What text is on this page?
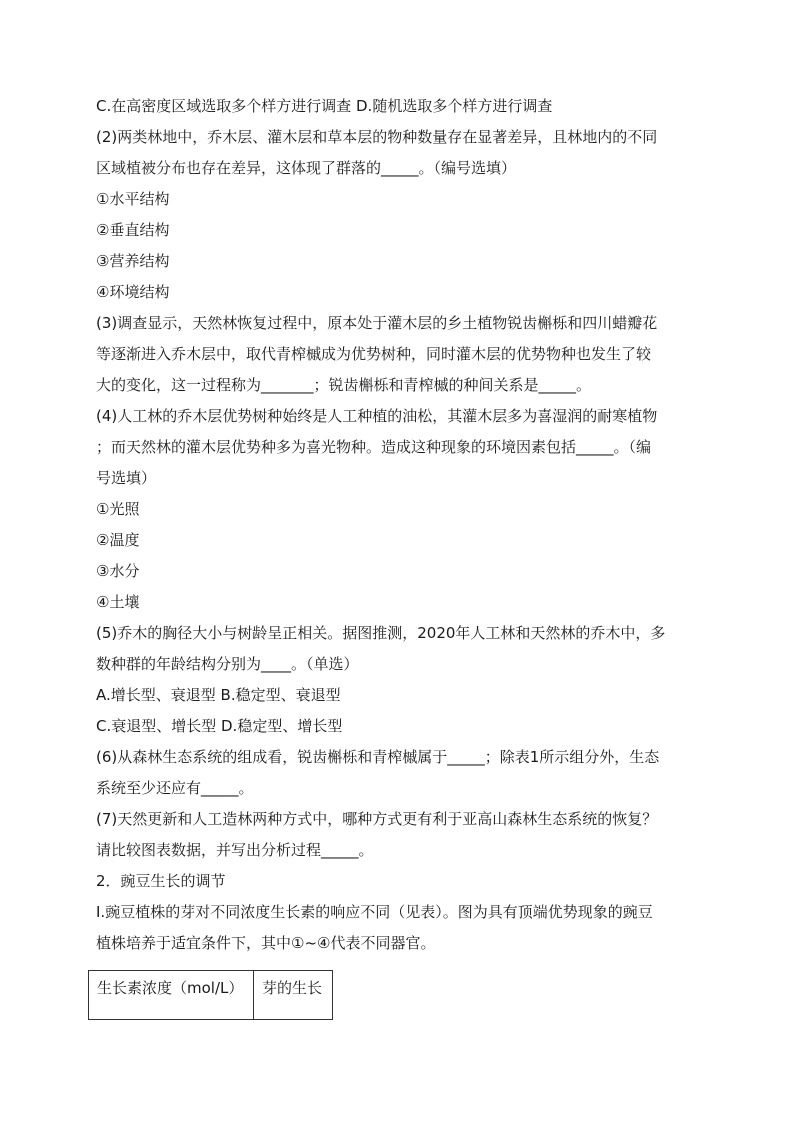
C.在高密度区域选取多个样方进行调查 D.随机选取多个样方进行调查
(2)两类林地中，乔木层、灌木层和草本层的物种数量存在显著差异，且林地内的不同
区域植被分布也存在差异，这体现了群落的_____。（编号选填）
①水平结构
②垂直结构
③营养结构
④环境结构
(3)调查显示，天然林恢复过程中，原本处于灌木层的乡土植物锐齿槲栎和四川蜡瓣花
等逐渐进入乔木层中，取代青榨槭成为优势树种，同时灌木层的优势物种也发生了较
大的变化，这一过程称为_______；锐齿槲栎和青榨槭的种间关系是_____。
(4)人工林的乔木层优势树种始终是人工种植的油松，其灌木层多为喜湿润的耐寒植物
；而天然林的灌木层优势种多为喜光物种。造成这种现象的环境因素包括_____。（编
号选填）
①光照
②温度
③水分
④土壤
(5)乔木的胸径大小与树龄呈正相关。据图推测，2020年人工林和天然林的乔木中，多
数种群的年龄结构分别为____。（单选）
A.增长型、衰退型 B.稳定型、衰退型
C.衰退型、增长型 D.稳定型、增长型
(6)从森林生态系统的组成看，锐齿槲栎和青榨槭属于_____；除表1所示组分外，生态
系统至少还应有_____。
(7)天然更新和人工造林两种方式中，哪种方式更有利于亚高山森林生态系统的恢复？
请比较图表数据，并写出分析过程_____。
2．豌豆生长的调节
Ⅰ.豌豆植株的芽对不同浓度生长素的响应不同（见表）。图为具有顶端优势现象的豌豆
植株培养于适宜条件下，其中①~④代表不同器官。
生长素浓度（mol/L）	芽的生长
